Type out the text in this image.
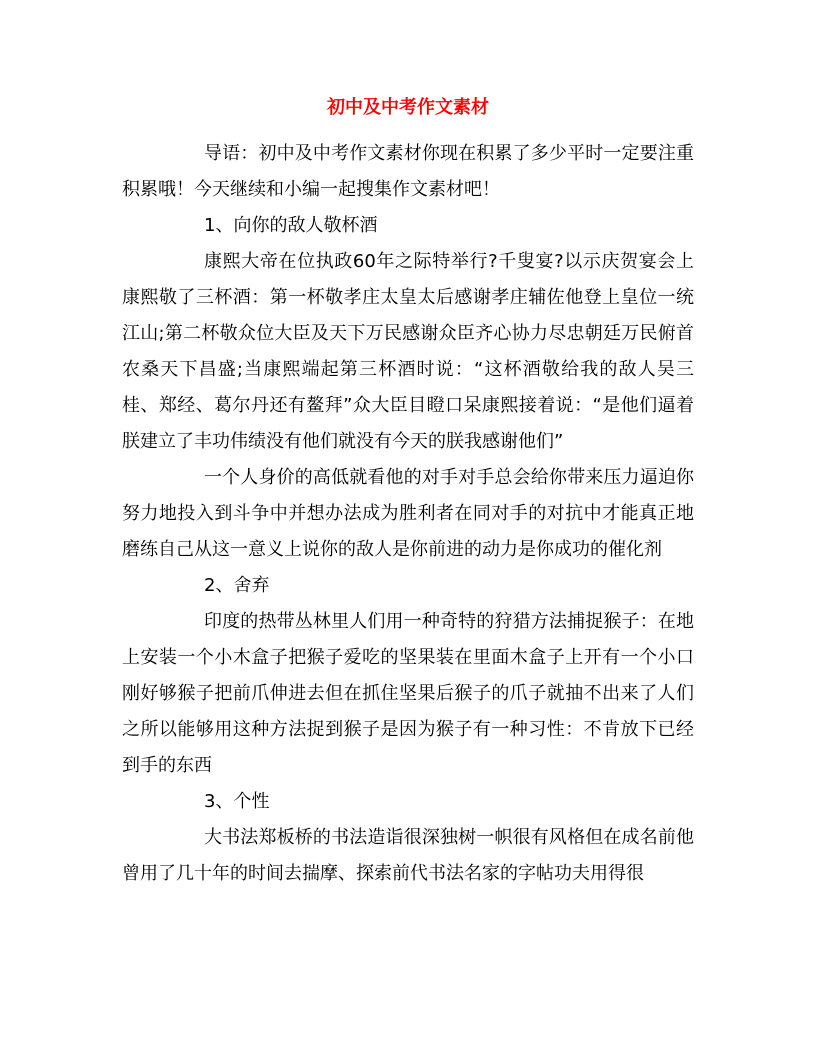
初中及中考作文素材

导语：初中及中考作文素材你现在积累了多少平时一定要注重积累哦！今天继续和小编一起搜集作文素材吧！

1、向你的敌人敬杯酒

康熙大帝在位执政60年之际特举行?千叟宴?以示庆贺宴会上康熙敬了三杯酒：第一杯敬孝庄太皇太后感谢孝庄辅佐他登上皇位一统江山;第二杯敬众位大臣及天下万民感谢众臣齐心协力尽忠朝廷万民俯首农桑天下昌盛;当康熙端起第三杯酒时说：“这杯酒敬给我的敌人吴三桂、郑经、葛尔丹还有鳌拜”众大臣目瞪口呆康熙接着说：“是他们逼着朕建立了丰功伟绩没有他们就没有今天的朕我感谢他们”

一个人身价的高低就看他的对手对手总会给你带来压力逼迫你努力地投入到斗争中并想办法成为胜利者在同对手的对抗中才能真正地磨练自己从这一意义上说你的敌人是你前进的动力是你成功的催化剂

2、舍弃

印度的热带丛林里人们用一种奇特的狩猎方法捕捉猴子：在地上安装一个小木盒子把猴子爱吃的坚果装在里面木盒子上开有一个小口刚好够猴子把前爪伸进去但在抓住坚果后猴子的爪子就抽不出来了人们之所以能够用这种方法捉到猴子是因为猴子有一种习性：不肯放下已经到手的东西

3、个性

大书法郑板桥的书法造诣很深独树一帜很有风格但在成名前他曾用了几十年的时间去揣摩、探索前代书法名家的字帖功夫用得很
